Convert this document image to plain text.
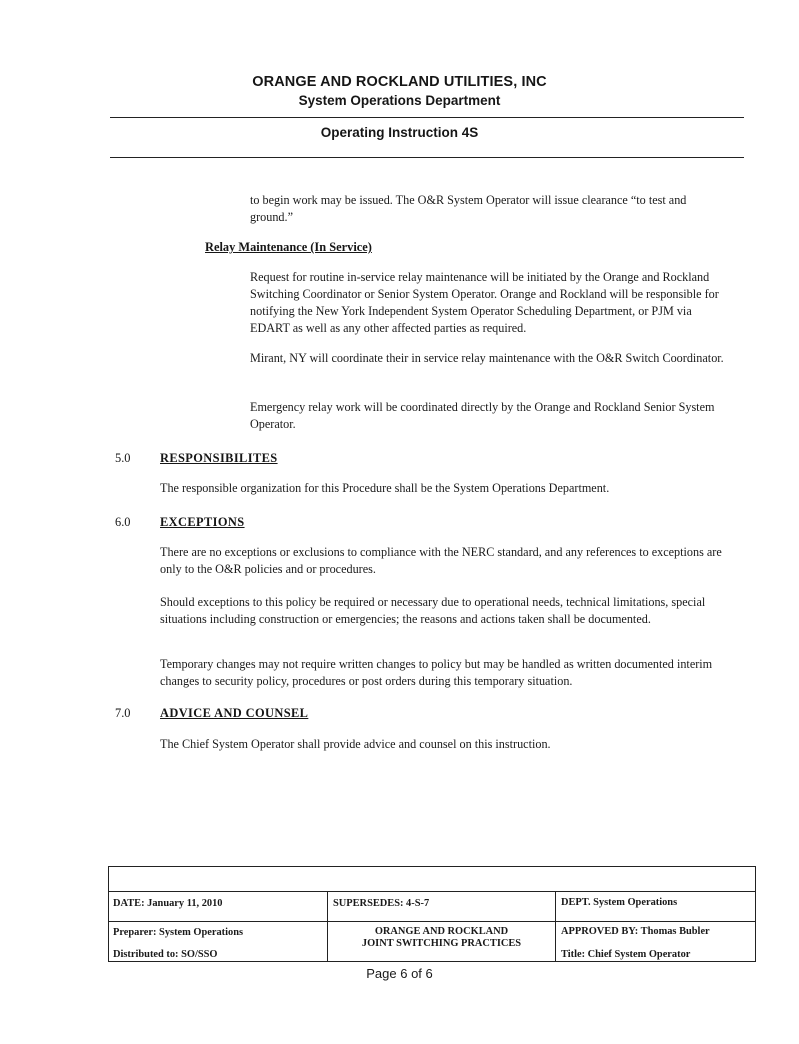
ORANGE AND ROCKLAND UTILITIES, INC
System Operations Department
Operating Instruction 4S

to begin work may be issued. The O&R System Operator will issue clearance “to test and ground.”

Relay Maintenance (In Service)

Request for routine in-service relay maintenance will be initiated by the Orange and Rockland Switching Coordinator or Senior System Operator. Orange and Rockland will be responsible for notifying the New York Independent System Operator Scheduling Department, or PJM via EDART as well as any other affected parties as required.

Mirant, NY will coordinate their in service relay maintenance with the O&R Switch Coordinator.

Emergency relay work will be coordinated directly by the Orange and Rockland Senior System Operator.

5.0 RESPONSIBILITES

The responsible organization for this Procedure shall be the System Operations Department.

6.0 EXCEPTIONS

There are no exceptions or exclusions to compliance with the NERC standard, and any references to exceptions are only to the O&R policies and or procedures.

Should exceptions to this policy be required or necessary due to operational needs, technical limitations, special situations including construction or emergencies; the reasons and actions taken shall be documented.

Temporary changes may not require written changes to policy but may be handled as written documented interim changes to security policy, procedures or post orders during this temporary situation.

7.0 ADVICE AND COUNSEL

The Chief System Operator shall provide advice and counsel on this instruction.

DATE: January 11, 2010	SUPERSEDES: 4-S-7	DEPT. System Operations
Preparer: System Operations
Distributed to: SO/SSO
ORANGE AND ROCKLAND
JOINT SWITCHING PRACTICES
APPROVED BY: Thomas Bubler
Title: Chief System Operator
Page 6 of 6
